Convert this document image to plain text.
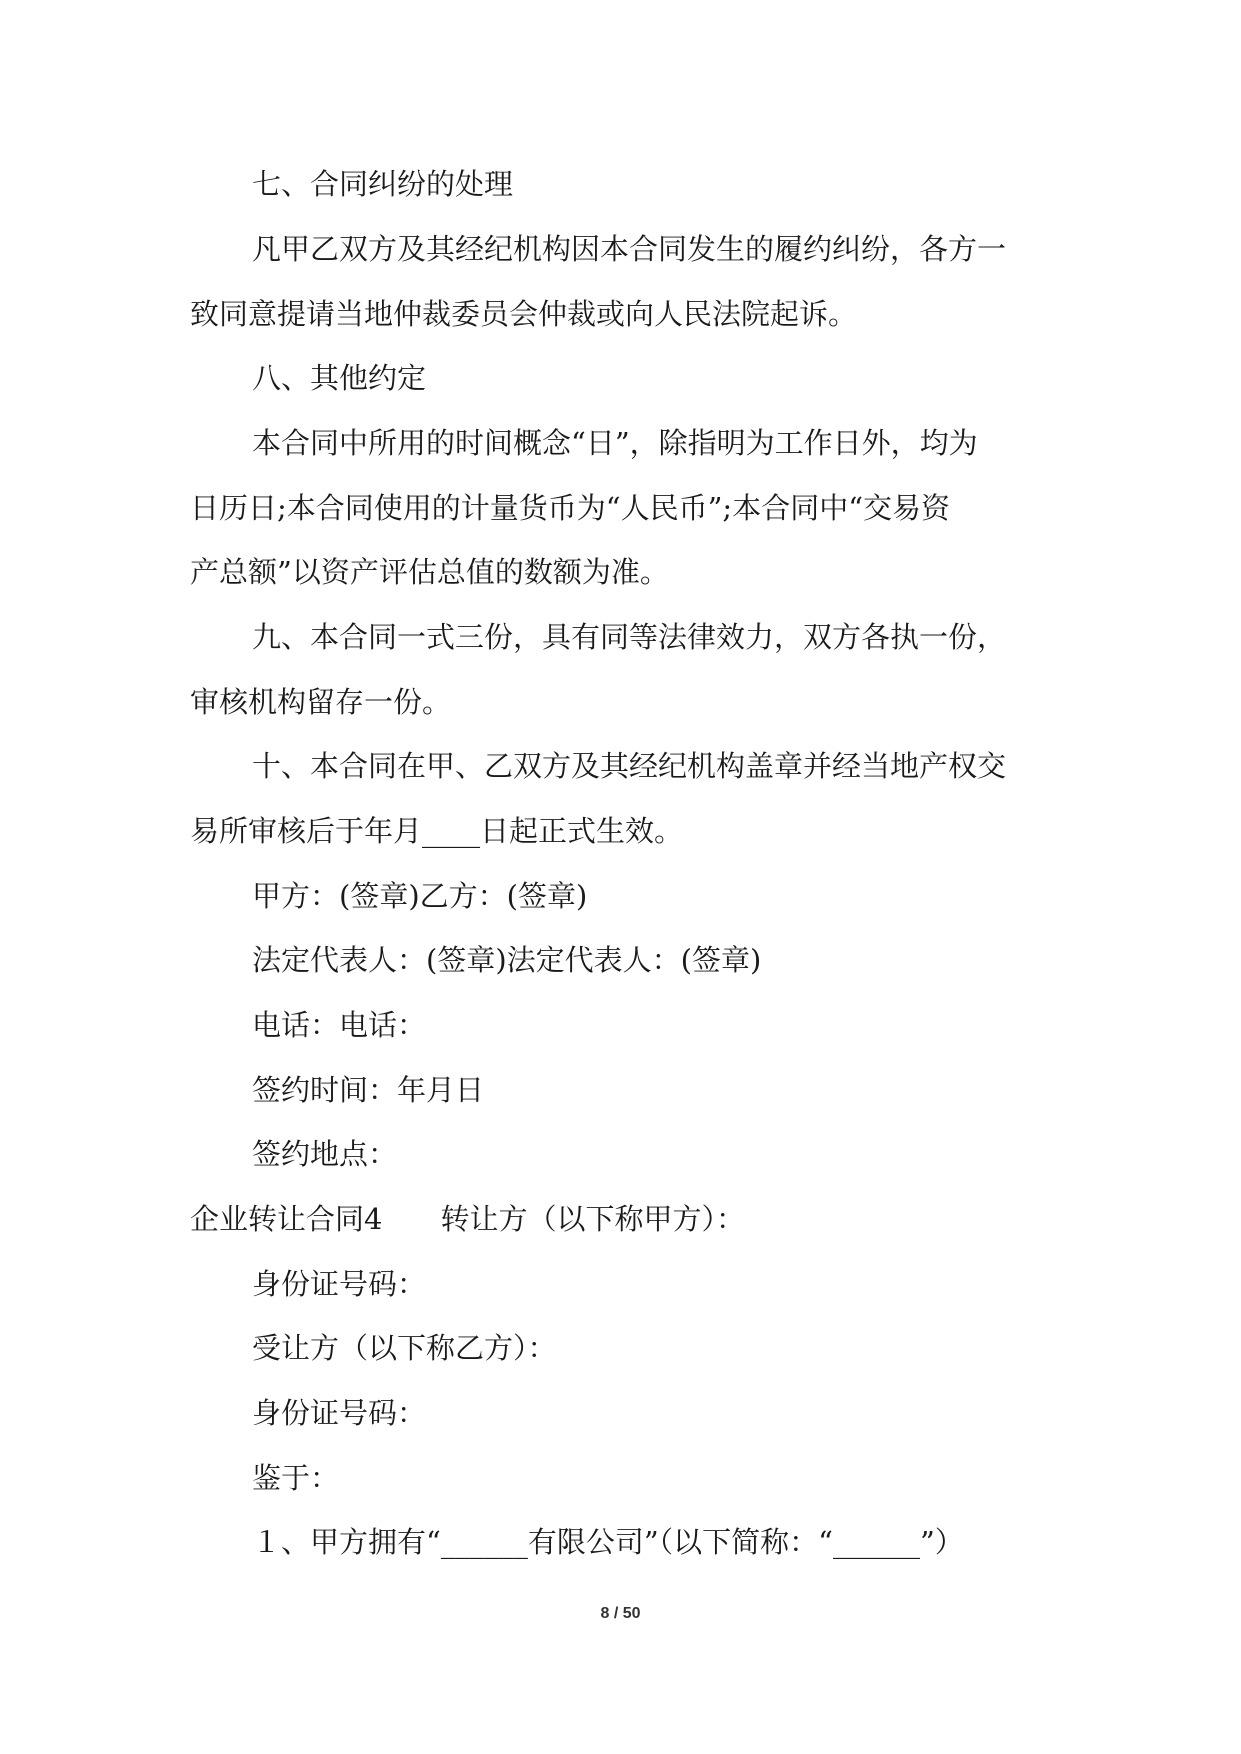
七、合同纠纷的处理
凡甲乙双方及其经纪机构因本合同发生的履约纠纷，各方一
致同意提请当地仲裁委员会仲裁或向人民法院起诉。
八、其他约定
本合同中所用的时间概念“日”，除指明为工作日外，均为
日历日;本合同使用的计量货币为“人民币”;本合同中“交易资
产总额”以资产评估总值的数额为准。
九、本合同一式三份，具有同等法律效力，双方各执一份，
审核机构留存一份。
十、本合同在甲、乙双方及其经纪机构盖章并经当地产权交
易所审核后于年月____日起正式生效。
甲方：(签章)乙方：(签章)
法定代表人：(签章)法定代表人：(签章)
电话：电话：
签约时间：年月日
签约地点：
企业转让合同4　　转让方（以下称甲方）：
身份证号码：
受让方（以下称乙方）：
身份证号码：
鉴于：
１、甲方拥有“______有限公司”（以下简称：“______”）
8 / 50
